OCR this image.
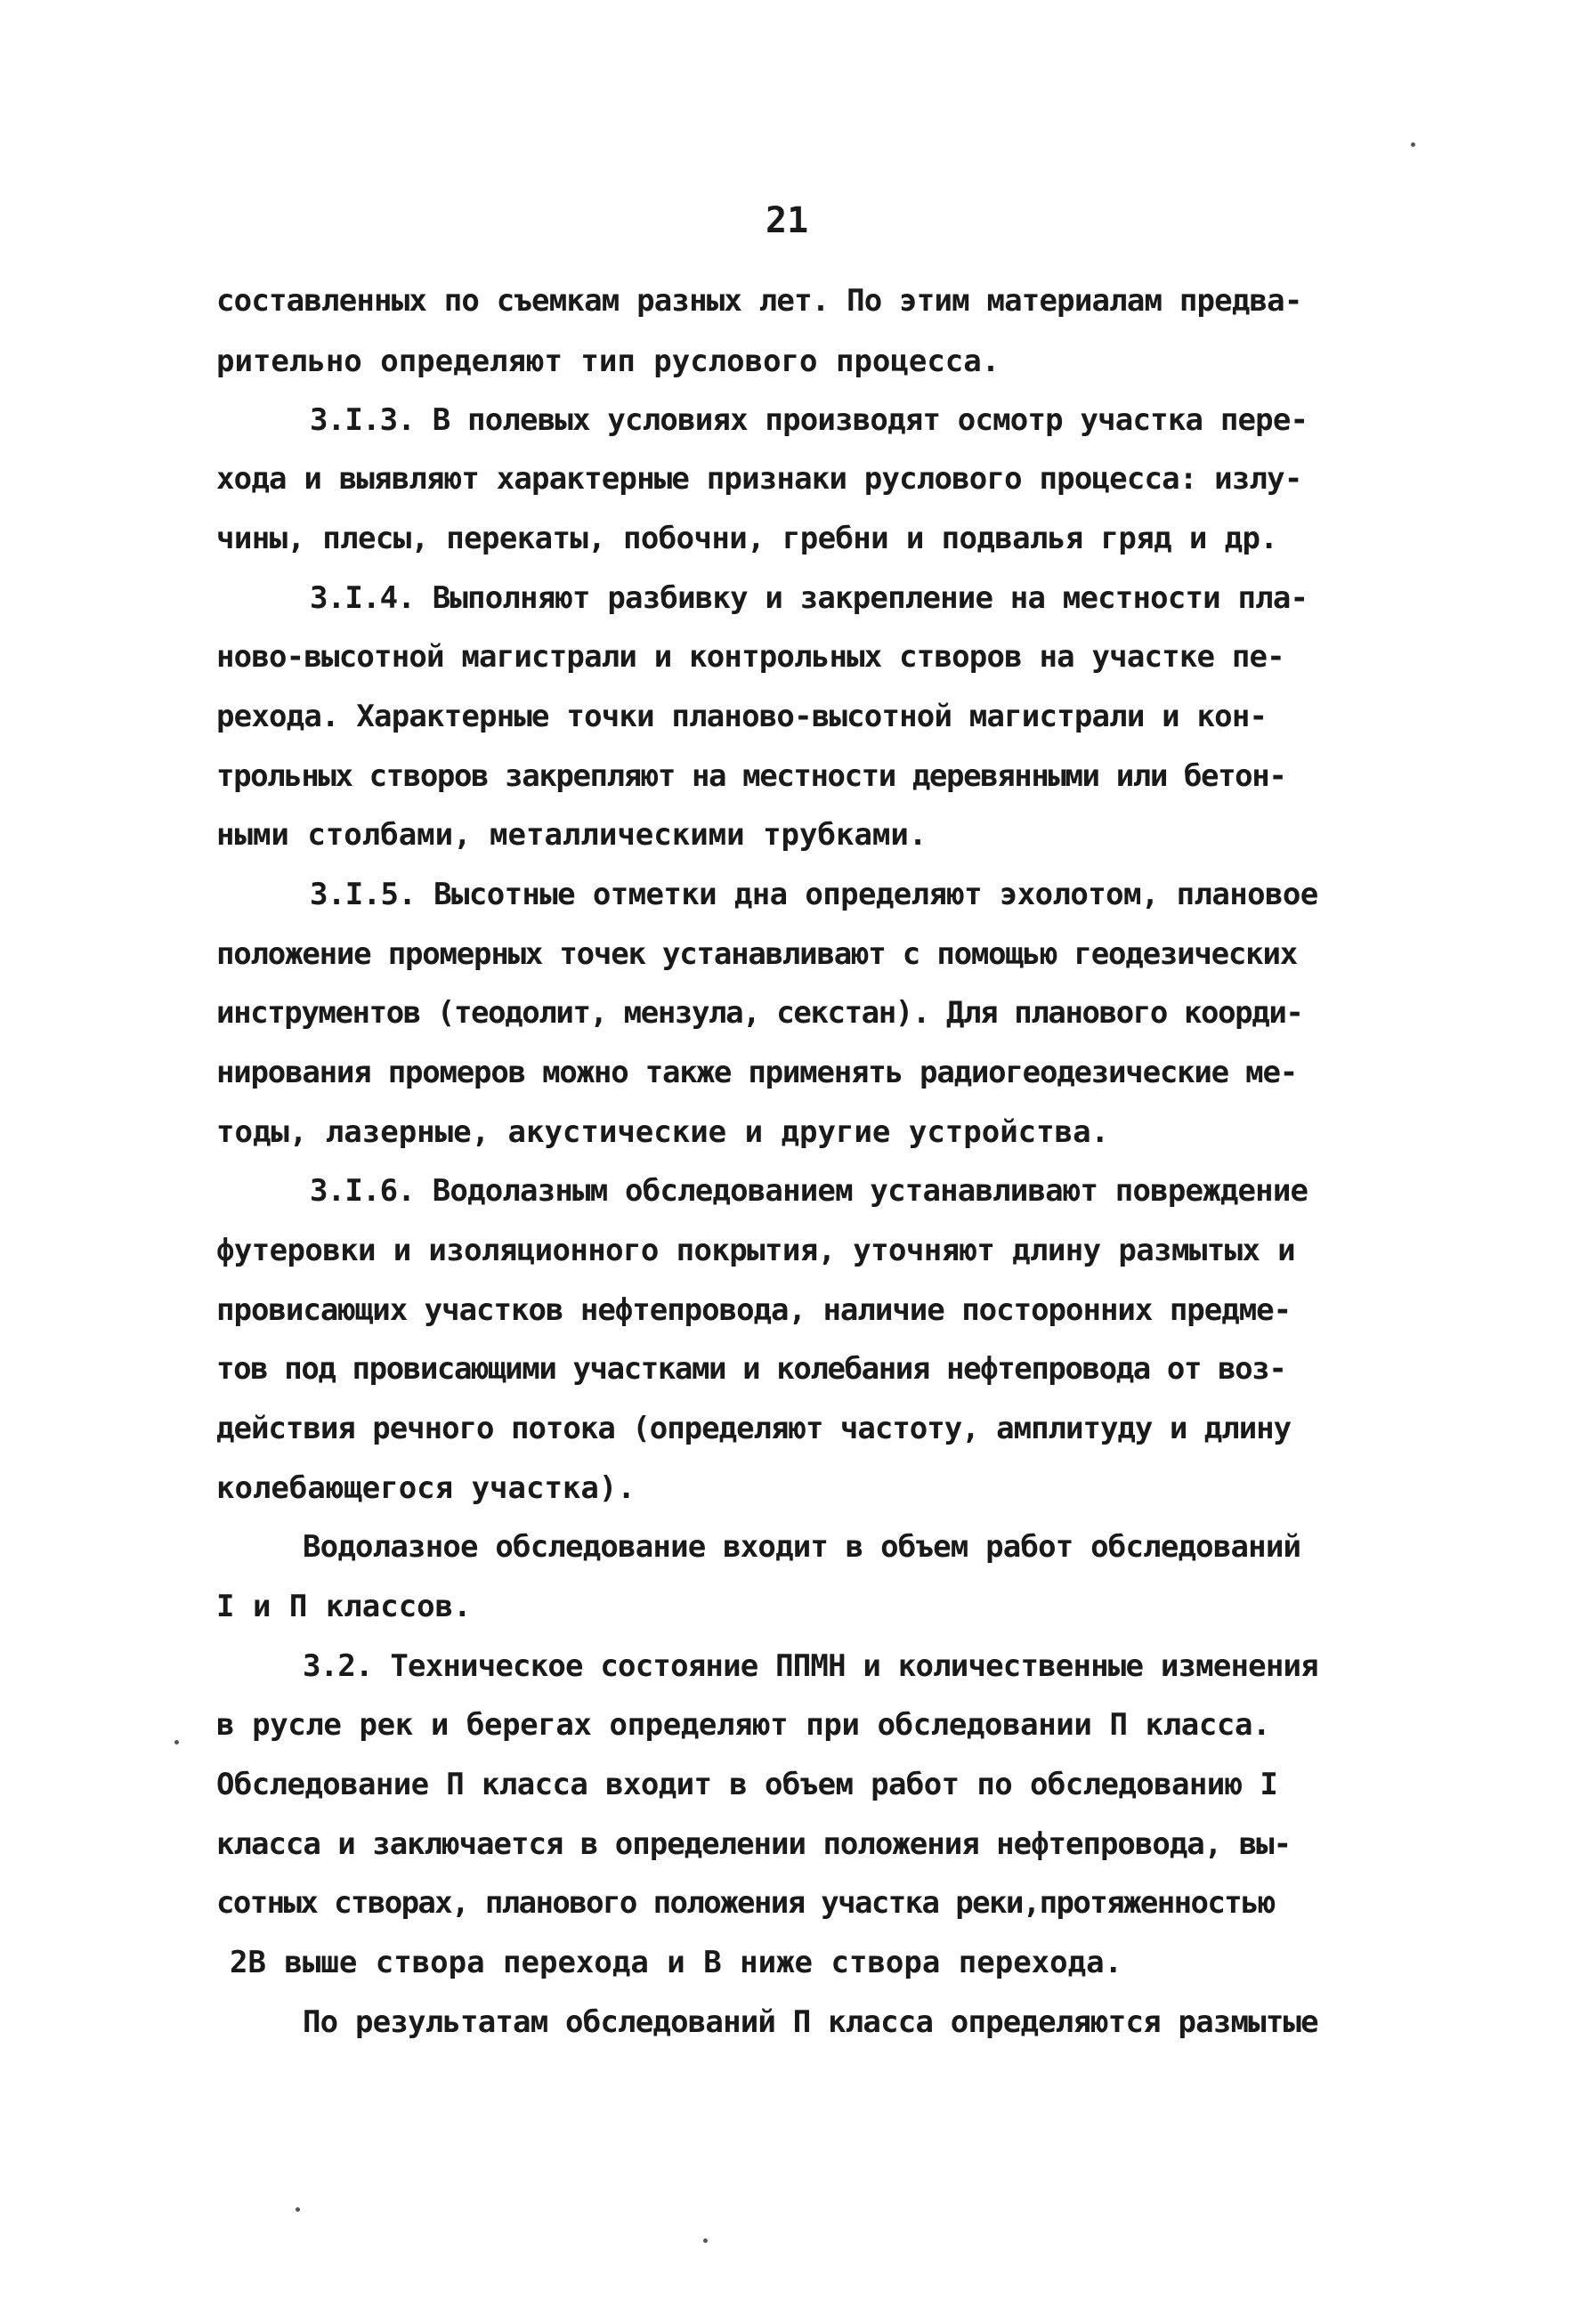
21
составленных по съемкам разных лет. По этим материалам предва-
рительно определяют тип руслового процесса.
3.I.3. В полевых условиях производят осмотр участка пере-
хода и выявляют характерные признаки руслового процесса: излу-
чины, плесы, перекаты, побочни, гребни и подвалья гряд и др.
3.I.4. Выполняют разбивку и закрепление на местности пла-
ново-высотной магистрали и контрольных створов на участке пе-
рехода. Характерные точки планово-высотной магистрали и кон-
трольных створов закрепляют на местности деревянными или бетон-
ными столбами, металлическими трубками.
3.I.5. Высотные отметки дна определяют эхолотом, плановое
положение промерных точек устанавливают с помощью геодезических
инструментов (теодолит, мензула, секстан). Для планового коорди-
нирования промеров можно также применять радиогеодезические ме-
тоды, лазерные, акустические и другие устройства.
3.I.6. Водолазным обследованием устанавливают повреждение
футеровки и изоляционного покрытия, уточняют длину размытых и
провисающих участков нефтепровода, наличие посторонних предме-
тов под провисающими участками и колебания нефтепровода от воз-
действия речного потока (определяют частоту, амплитуду и длину
колебающегося участка).
Водолазное обследование входит в объем работ обследований
I и П классов.
3.2. Техническое состояние ППМН и количественные изменения
в русле рек и берегах определяют при обследовании П класса.
Обследование П класса входит в объем работ по обследованию I
класса и заключается в определении положения нефтепровода, вы-
сотных створах, планового положения участка реки,протяженностью
2В выше створа перехода и В ниже створа перехода.
По результатам обследований П класса определяются размытые
